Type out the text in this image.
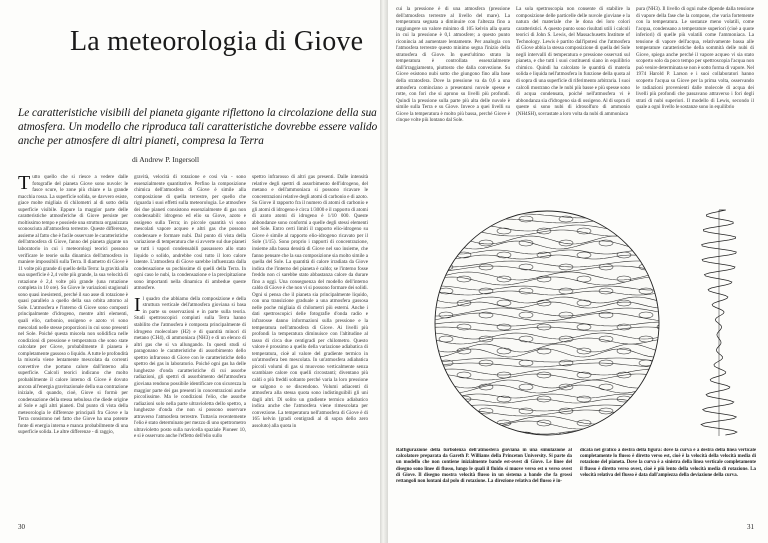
La meteorologia di Giove
Le caratteristiche visibili del pianeta gigante riflettono la circolazione della sua atmosfera. Un modello che riproduca tali caratteristiche dovrebbe essere valido anche per atmosfere di altri pianeti, compresa la Terra
di Andrew P. Ingersoll
Tutto quello che si riesce a vedere dalle fotografie del pianeta Giove sono nuvole: le fasce scure, le zone più chiare e la grande macchia rossa. La superficie solida, se davvero esiste, giace molte migliaia di chilometri al di sotto della superficie visibile. Eppure la maggior parte delle caratteristiche atmosferiche di Giove persiste per moltissimo tempo e possiede una struttura organizzata sconosciuta all'atmosfera terrestre. Queste differenze, assieme al fatto che è facile osservare le caratteristiche dell'atmosfera di Giove, fanno del pianeta gigante un laboratorio in cui i meteorologi teorici possono verificare le teorie sulla dinamica dell'atmosfera in maniere impossibili sulla Terra. Il diametro di Giove è 11 volte più grande di quello della Terra: la gravità alla sua superficie è 2,4 volte più grande, la sua velocità di rotazione è 2,4 volte più grande (una rotazione completa in 10 ore). Su Giove le variazioni stagionali sono quasi inesistenti, perché il suo asse di rotazione è quasi parallelo a quello della sua orbita attorno al Sole. L'atmosfera e l'interno di Giove sono composti principalmente d'idrogeno, mentre altri elementi, quali elio, carbonio, ossigeno e azoto vi sono mescolati nelle stesse proporzioni in cui sono presenti nel Sole. Poiché questa miscela non solidifica nelle condizioni di pressione e temperatura che sono state calcolate per Giove, probabilmente il pianeta è completamente gassoso o liquido. A tutte le profondità la miscela viene lentamente mescolata da correnti convettive che portano calore dall'interno alla superficie. Calcoli teorici indicano che molto probabilmente il calore interno di Giove è dovuto ancora all'energia gravitazionale della sua contrazione iniziale, di quando, cioè, Giove si formò per condensazione della stessa nebulosa che diede origine al Sole e agli altri pianeti. Dal punto di vista della meteorologia le differenze principali fra Giove e la Terra consistono nel fatto che Giove ha una potente fonte di energia interna e manca probabilmente di una superficie solida. Le altre differenze - di raggio,

gravità, velocità di rotazione e così via - sono essenzialmente quantitative. Perfino la composizione chimica dell'atmosfera di Giove è simile alla composizione di quella terrestre, per quello che riguarda i suoi effetti sulla meteorologia. Le atmosfere dei due pianeti consistono essenzialmente di gas non condensabili: idrogeno ed elio su Giove, azoto e ossigeno sulla Terra; in piccole quantità vi sono mescolati vapore acqueo e altri gas che possono condensare e formare nubi. Dal punto di vista della variazione di temperatura che si avverte sul due pianeti se tutti i vapori condensabili passassero allo stato liquido o solido, andrebbe così tutto il loro calore latente. L'atmosfera di Giove sarebbe influenzata dalla condensazione su pochissime di quelli della Terra. In ogni caso le nubi, la condensazione e la precipitazione sono importanti nella dinamica di ambedue queste atmosfere.

Il quadro che abbiamo della composizione e della struttura verticale dell'atmosfera gioviana si basa in parte su osservazioni e in parte sulla teoria. Studi spettroscopici compiuti sulla Terra hanno stabilito che l'atmosfera è composta principalmente di idrogeno molecolare (H2) e di quantità minori di metano (CH4), di ammoniaca (NH3) e di un elenco di altri gas che si va allungando. In questi studi si paragonano le caratteristiche di assorbimento dello spettro infrarosso di Giove con le caratteristiche dello spettro dei gas in laboratorio. Poiché ogni gas ha delle lunghezze d'onda caratteristiche di cui assorbe radiazioni, gli spettri di assorbimento dell'atmosfera gioviana rendono possibile identificare con sicurezza la maggior parte dei gas presenti in concentrazioni anche piccolissime. Ma le condizioni l'elio, che assorbe radiazioni solo nella parte ultravioletta dello spettro, a lunghezze d'onda che non si possono osservare attraverso l'atmosfera terrestre. Tuttavia recentemente l'elio è stato determinato per mezzo di uno spettrometro ultravioletto posto sulla navicella spaziale Pioneer 10, e si è osservato anche l'effetto dell'elio sullo

spettro infrarosso di altri gas presenti. Dalle intensità relative degli spettri di assorbimento dell'idrogeno, del metano e dell'ammoniaca si possono ricavare le concentrazioni relative degli atomi di carbonio e di azoto. Su Giove il rapporto fra il numero di atomi di carbonio e gli atomi di idrogeno è circa 1/3000 e il rapporto di atomi di azoto atomi di idrogeno è 1/10 000. Queste abbondanze sono conformi a quelle degli stessi elementi nel Sole. Entro certi limiti il rapporto elio-idrogeno su Giove è simile al rapporto elio-idrogeno ricavato per il Sole (1/15). Sono proprio i rapporti di concentrazione, insieme alla bassa densità di Giove nel suo insieme, che fanno pensare che la sua composizione sia molto simile a quella del Sole. La quantità di calore irradiata da Giove indica che l'interno del pianeta è caldo; se l'interno fosse freddo non ci sarebbe stato abbastanza calore da durare fino a oggi. Una conseguenza del modello dell'interno caldo di Giove è che non vi si possono formare dei solidi. Ogni si pensa che il pianeta sia principalmente liquido, con una transizione graduale a una atmosfera gassosa nelle poche migliaia di chilometri più esterni. Anche i dati spettroscopici delle fotografie d'onda radio e infrarosse danno informazioni sulla pressione e la temperatura nell'atmosfera di Giove. Ai livelli più profondi la temperatura diminuisce con l'altitudine al tasso di circa due centigradi per chilometro. Questo valore è prossimo a quello della variazione adiabatica di temperatura, cioè al valore del gradiente termico in un'atmosfera ben mescolata. In un'atmosfera adiabatica piccoli volumi di gas si muovono verticalmente senza scambiare calore con quelli circostanti; diventano più caldi o più freddi soltanto perché varia la loro pressione se salgono o se discendono. Volumi adiacenti di atmosfera alla stessa quota sono indistinguibili gli uni dagli altri. Di solito un gradiente termico adiabatico indica anche che l'atmosfera viene rimescolata per convezione. La temperatura nell'atmosfera di Giove è di 165 kelvin (gradi centigradi al di sopra dello zero assoluto) alla quota in

30

cui la pressione è di una atmosfera (pressione dell'atmosfera terrestre al livello del mare). La temperatura segnata a diminuire con l'altezza fino a raggiungere un valore minimo di 105 kelvin alla quota in cui la pressione è 0,1 atmosfere; a questo punto riconincia ad aumentare lentamente. Per analogia con l'atmosfera terrestre questo minimo segna l'inizio della stratosfera di Giove. In quest'ultimo strato la temperatura è controllata essenzialmente dall'irraggiamento, piuttosto che dalla convezione. Su Giove esistono nubi sotto che giungono fino alla base della stratosfera. Dove la pressione va da 0,6 a una atmosfera cominciano a presentarsi nuvole spesse e rotte, con fori che si aprono su livelli più profondi. Quindi la pressione sulla parte più alta delle nuvole è simile sulla Terra e su Giove. Invece a quei livelli su Giove la temperatura è molto più bassa, perché Giove è cinque volte più lontano dal Sole.

La sola spettroscopia non consente di stabilire la composizione delle particelle delle nuvole gioviane e la natura del materiale che le dona dei loro colori caratteristici. A questo punto sono risultati utili i calcoli teorici di John S. Lewis, del Massachusetts Institute of Technology. Lewis è partito dall'ipotesi che l'atmosfera di Giove abbia la stessa composizione di quella del Sole negli intervalli di temperatura e pressione osservati sul pianeta, e che tutti i suoi costituenti siano in equilibrio chimico. Quindi ha calcolato le quantità di materia solida e liquida nell'atmosfera in funzione della quota al di sopra di una superficie di riferimento arbitraria. I suoi calcoli mostrano che le nubi più basse e più spesse sono di acqua condensata, poiché nell'atmosfera vi è abbondanza sia d'idrogeno sia di ossigeno. Al di sopra di queste si sono nubi di idrosolfuro di ammonio (NH4SH), sovrastate a loro volta da nubi di ammoniaca

pura (NH3). Il livello di ogni nube dipende dalla tensione di vapore della fase che la compone, che varia fortemente con la temperatura. Le sostanze meno volatili, come l'acqua, condensano a temperature superiori (cioè a quote inferiori) di quelle più volatili come l'ammoniaca. La tensione di vapore dell'acqua, relativamente bassa alle temperature caratteristiche della sommità delle nubi di Giove, spiega anche perché il vapore acqueo vi sia stato scoperto solo da poco tempo per spettroscopia l'acqua non può venire determinata se non è sotto forma di vapore. Nel 1974 Harold P. Larson e i suoi collaboratori hanno scoperto l'acqua su Giove per la prima volta, osservando le radiazioni provenienti dalle molecole di acqua dei livelli più profondi che passavano attraverso i fori degli strati di nubi superiori. Il modello di Lewis, secondo il quale a ogni livello le sostanze sono in equilibrio

Raffigurazione della turbolenza dell'atmosfera gioviana in una simulazione al calcolatore preparata da Gareth P. Williams della Princeton University. Si parte da un modello che non contiene inizialmente bande est-ovest di Giove. Le linee del disegno sono linee di flusso, lungo le quali il fluido si muove verso est o verso ovest di Giove. Il disegno mostra velocità flusso in un sistema a bande che fa grossi rettangoli non lontani dal polo di rotazione. La direzione relativa del flusso è in-
dicata nel grafico a destra della figura: dove la curva è a destra della linea verticale completamente lo flusso è diretto verso est, cioè è la velocità della velocità media di rotazione del pianeta. Dove la curva è a sinistra della linea verticale completamente il flusso è diretto verso ovest, cioè è più lento della velocità media di rotazione. La velocità relativa del flusso è data dall'ampiezza della deviazione della curva.
31
